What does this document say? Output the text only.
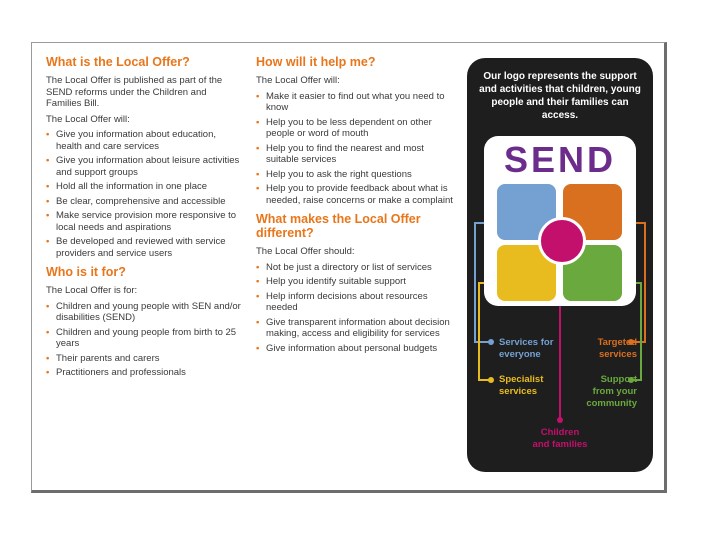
What is the Local Offer?

The Local Offer is published as part of the SEND reforms under the Children and Families Bill.

The Local Offer will:

• Give you information about education, health and care services
• Give you information about leisure activities and support groups
• Hold all the information in one place
• Be clear, comprehensive and accessible
• Make service provision more responsive to local needs and aspirations
• Be developed and reviewed with service providers and service users
Who is it for?

The Local Offer is for:

• Children and young people with SEN and/or disabilities (SEND)
• Children and young people from birth to 25 years
• Their parents and carers
• Practitioners and professionals
How will it help me?

The Local Offer will:

• Make it easier to find out what you need to know
• Help you to be less dependent on other people or word of mouth
• Help you to find the nearest and most suitable services
• Help you to ask the right questions
• Help you to provide feedback about what is needed, raise concerns or make a complaint
What makes the Local Offer different?

The Local Offer should:

• Not be just a directory or list of services
• Help you identify suitable support
• Help inform decisions about resources needed
• Give transparent information about decision making, access and eligibility for services
• Give information about personal budgets
Our logo represents the support and activities that children, young people and their families can access.
SEND
Services for
everyone
Targeted
services
Specialist
services
Support
from your
community
Children
and families
